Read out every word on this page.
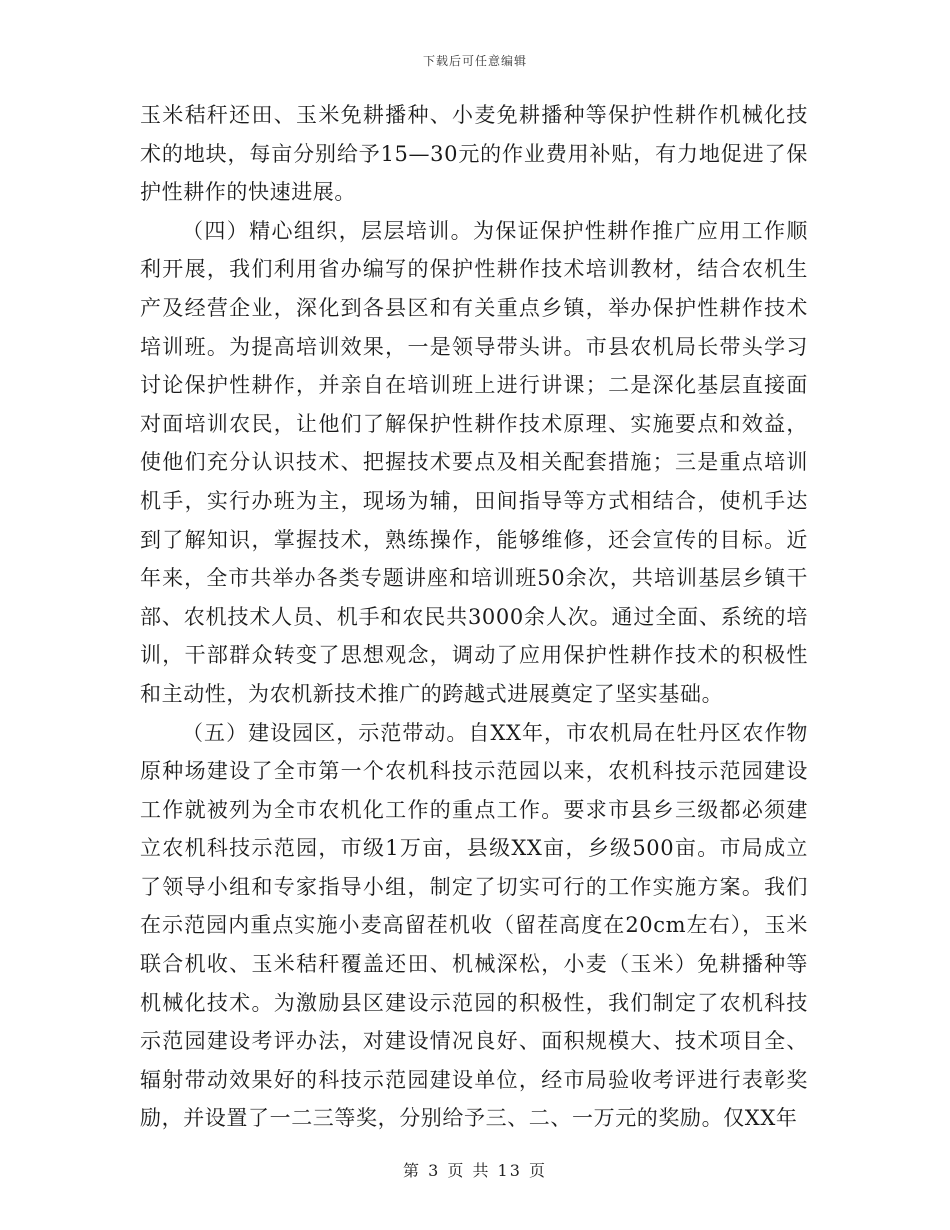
下载后可任意编辑

玉米秸秆还田、玉米免耕播种、小麦免耕播种等保护性耕作机械化技术的地块，每亩分别给予15—30元的作业费用补贴，有力地促进了保护性耕作的快速进展。

（四）精心组织，层层培训。为保证保护性耕作推广应用工作顺利开展，我们利用省办编写的保护性耕作技术培训教材，结合农机生产及经营企业，深化到各县区和有关重点乡镇，举办保护性耕作技术培训班。为提高培训效果，一是领导带头讲。市县农机局长带头学习讨论保护性耕作，并亲自在培训班上进行讲课；二是深化基层直接面对面培训农民，让他们了解保护性耕作技术原理、实施要点和效益，使他们充分认识技术、把握技术要点及相关配套措施；三是重点培训机手，实行办班为主，现场为辅，田间指导等方式相结合，使机手达到了解知识，掌握技术，熟练操作，能够维修，还会宣传的目标。近年来，全市共举办各类专题讲座和培训班50余次，共培训基层乡镇干部、农机技术人员、机手和农民共3000余人次。通过全面、系统的培训，干部群众转变了思想观念，调动了应用保护性耕作技术的积极性和主动性，为农机新技术推广的跨越式进展奠定了坚实基础。

（五）建设园区，示范带动。自XX年，市农机局在牡丹区农作物原种场建设了全市第一个农机科技示范园以来，农机科技示范园建设工作就被列为全市农机化工作的重点工作。要求市县乡三级都必须建立农机科技示范园，市级1万亩，县级XX亩，乡级500亩。市局成立了领导小组和专家指导小组，制定了切实可行的工作实施方案。我们在示范园内重点实施小麦高留茬机收（留茬高度在20cm左右），玉米联合机收、玉米秸秆覆盖还田、机械深松，小麦（玉米）免耕播种等机械化技术。为激励县区建设示范园的积极性，我们制定了农机科技示范园建设考评办法，对建设情况良好、面积规模大、技术项目全、辐射带动效果好的科技示范园建设单位，经市局验收考评进行表彰奖励，并设置了一二三等奖，分别给予三、二、一万元的奖励。仅XX年

第 3 页 共 13 页
